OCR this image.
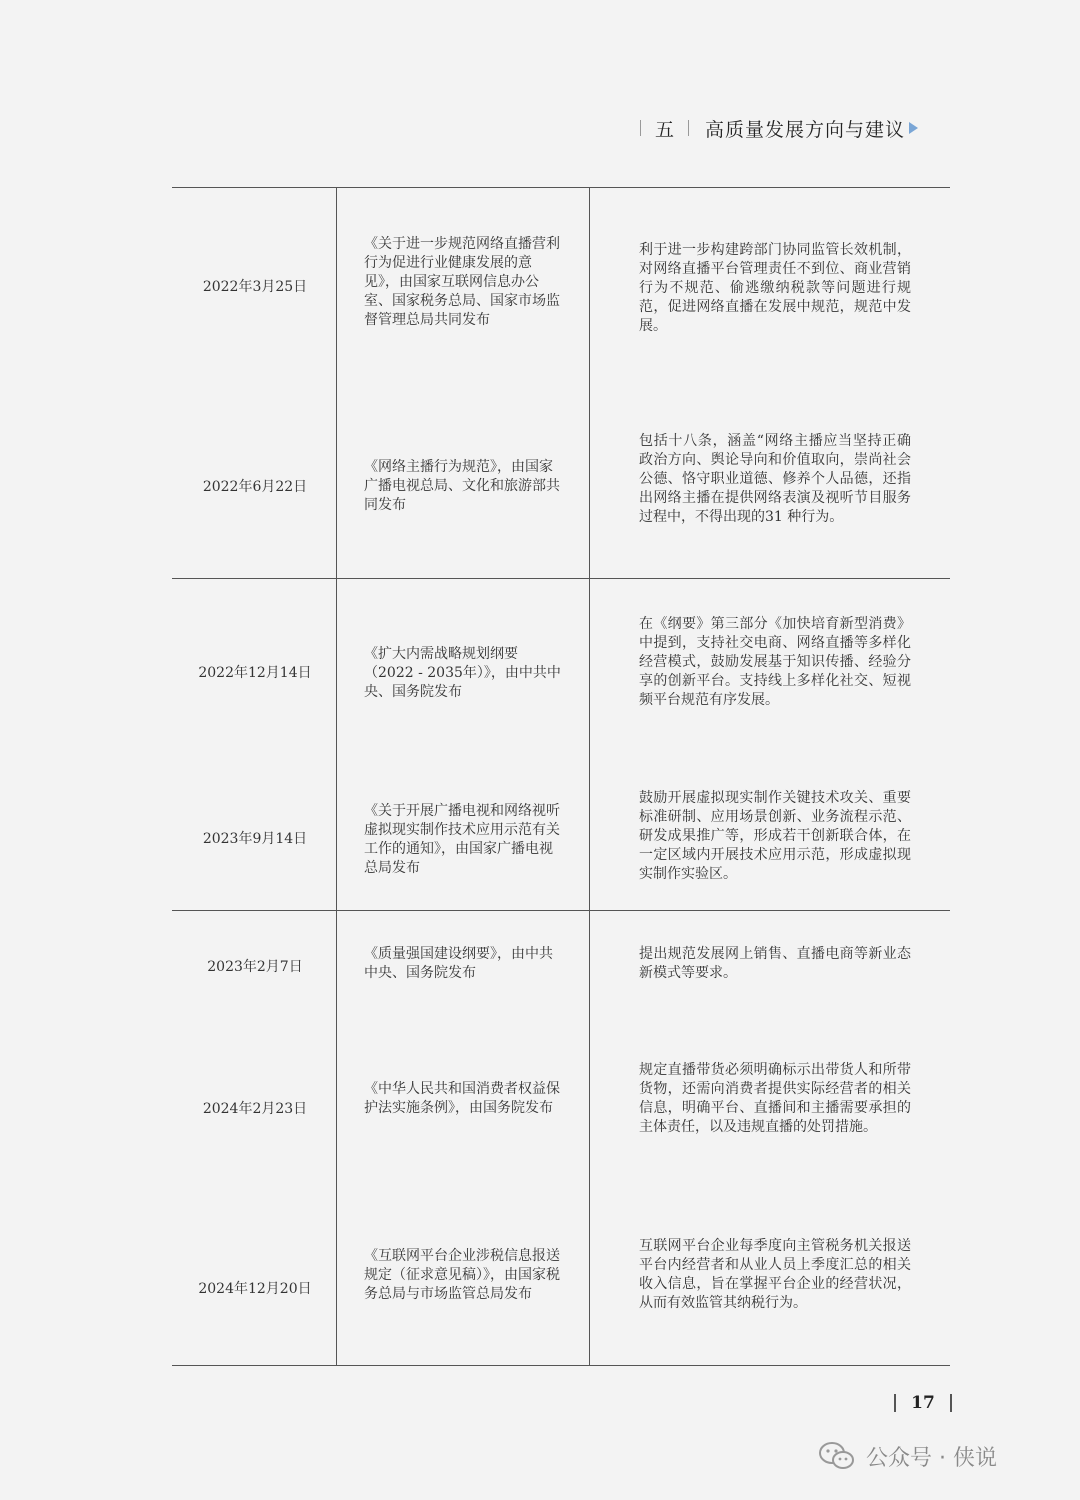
五 高质量发展方向与建议
2022年3月25日
《关于进一步规范网络直播营利行为促进行业健康发展的意见》，由国家互联网信息办公室、国家税务总局、国家市场监督管理总局共同发布
利于进一步构建跨部门协同监管长效机制，对网络直播平台管理责任不到位、商业营销行为不规范、偷逃缴纳税款等问题进行规范，促进网络直播在发展中规范，规范中发展。
2022年6月22日
《网络主播行为规范》，由国家广播电视总局、文化和旅游部共同发布
包括十八条，涵盖“网络主播应当坚持正确政治方向、舆论导向和价值取向，崇尚社会公德、恪守职业道德、修养个人品德，还指出网络主播在提供网络表演及视听节目服务过程中，不得出现的31 种行为。
2022年12月14日
《扩大内需战略规划纲要（2022 - 2035年）》，由中共中央、国务院发布
在《纲要》第三部分《加快培育新型消费》中提到，支持社交电商、网络直播等多样化经营模式，鼓励发展基于知识传播、经验分享的创新平台。支持线上多样化社交、短视频平台规范有序发展。
2023年9月14日
《关于开展广播电视和网络视听虚拟现实制作技术应用示范有关工作的通知》，由国家广播电视总局发布
鼓励开展虚拟现实制作关键技术攻关、重要标准研制、应用场景创新、业务流程示范、研发成果推广等，形成若干创新联合体，在一定区域内开展技术应用示范，形成虚拟现实制作实验区。
2023年2月7日
《质量强国建设纲要》，由中共中央、国务院发布
提出规范发展网上销售、直播电商等新业态新模式等要求。
2024年2月23日
《中华人民共和国消费者权益保护法实施条例》，由国务院发布
规定直播带货必须明确标示出带货人和所带货物，还需向消费者提供实际经营者的相关信息，明确平台、直播间和主播需要承担的主体责任，以及违规直播的处罚措施。
2024年12月20日
《互联网平台企业涉税信息报送规定（征求意见稿）》，由国家税务总局与市场监管总局发布
互联网平台企业每季度向主管税务机关报送平台内经营者和从业人员上季度汇总的相关收入信息，旨在掌握平台企业的经营状况，从而有效监管其纳税行为。
17
公众号 · 侠说
